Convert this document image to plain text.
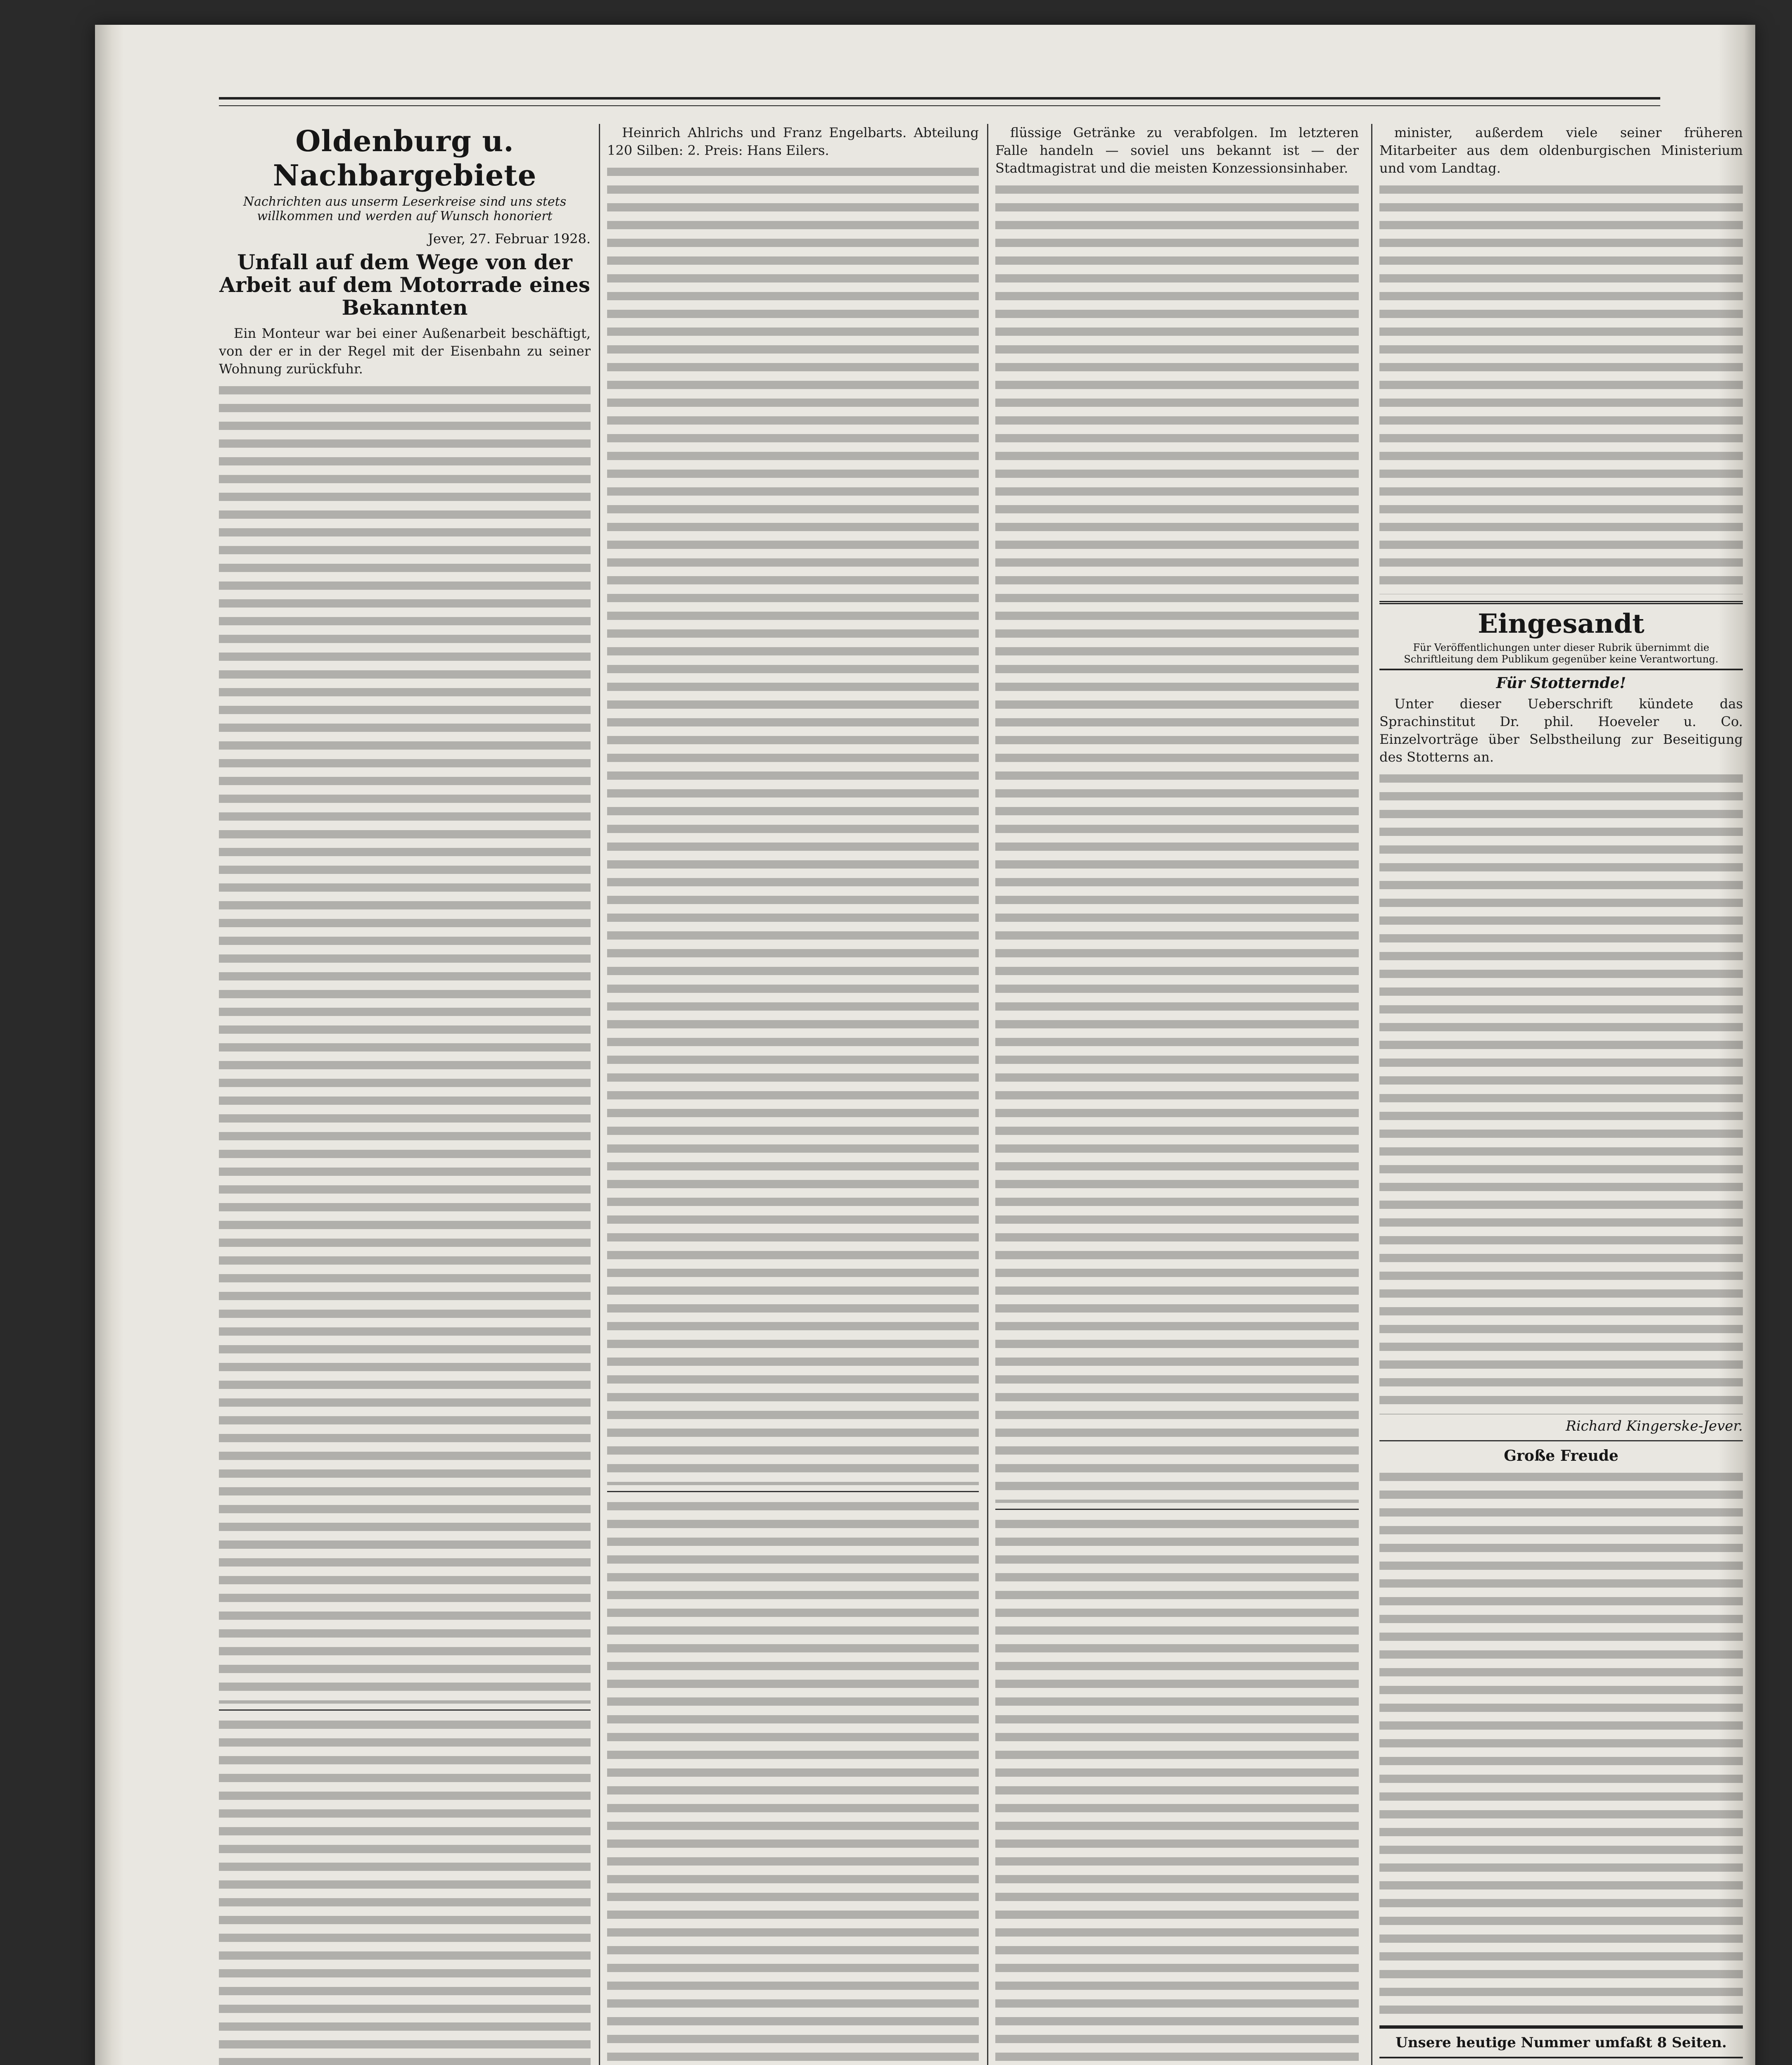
Oldenburg u. Nachbargebiete

Nachrichten aus unserm Leserkreise sind uns stets willkommen und werden auf Wunsch honoriert

Jever, 27. Februar 1928.

Unfall auf dem Wege von der Arbeit auf dem Motorrade eines Bekannten

Ein Monteur war bei einer Außenarbeit beschäftigt, von der er in der Regel mit der Eisenbahn zu seiner Wohnung zurückfuhr.

Heinrich Ahlrichs und Franz Engelbarts. Abteilung 120 Silben: 2. Preis: Hans Eilers.

flüssige Getränke zu verabfolgen. Im letzteren Falle handeln — soviel uns bekannt ist — der Stadtmagistrat und die meisten Konzessionsinhaber.

minister, außerdem viele seiner früheren Mitarbeiter aus dem oldenburgischen Ministerium und vom Landtag.

Eingesandt

Für Veröffentlichungen unter dieser Rubrik übernimmt die Schriftleitung dem Publikum gegenüber keine Verantwortung.

Für Stotternde!

Unter dieser Ueberschrift kündete das Sprachinstitut Dr. phil. Hoeveler u. Co. Einzelvorträge über Selbstheilung zur Beseitigung des Stotterns an.

Richard Kingerske-Jever.

Große Freude

Unsere heutige Nummer umfaßt 8 Seiten.
